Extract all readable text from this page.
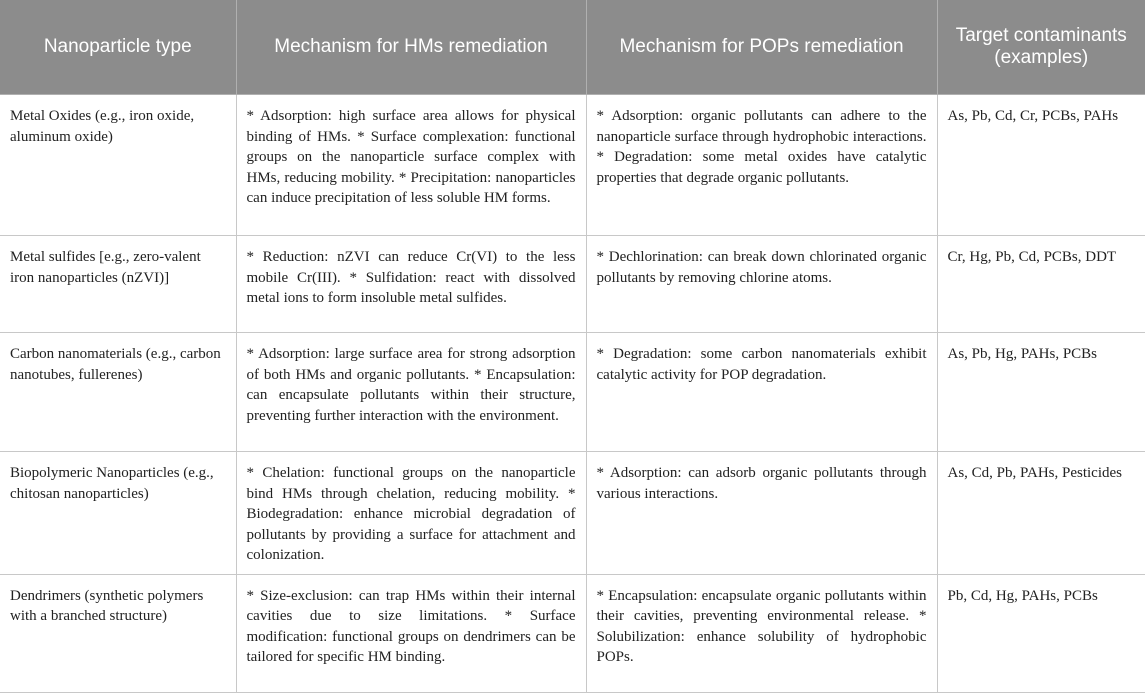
Nanoparticle type	Mechanism for HMs remediation	Mechanism for POPs remediation	Target contaminants (examples)
Metal Oxides (e.g., iron oxide, aluminum oxide)	* Adsorption: high surface area allows for physical binding of HMs. * Surface complexation: functional groups on the nanoparticle surface complex with HMs, reducing mobility. * Precipitation: nanoparticles can induce precipitation of less soluble HM forms.	* Adsorption: organic pollutants can adhere to the nanoparticle surface through hydrophobic interactions. * Degradation: some metal oxides have catalytic properties that degrade organic pollutants.	As, Pb, Cd, Cr, PCBs, PAHs
Metal sulfides [e.g., zero-valent iron nanoparticles (nZVI)]	* Reduction: nZVI can reduce Cr(VI) to the less mobile Cr(III). * Sulfidation: react with dissolved metal ions to form insoluble metal sulfides.	* Dechlorination: can break down chlorinated organic pollutants by removing chlorine atoms.	Cr, Hg, Pb, Cd, PCBs, DDT
Carbon nanomaterials (e.g., carbon nanotubes, fullerenes)	* Adsorption: large surface area for strong adsorption of both HMs and organic pollutants. * Encapsulation: can encapsulate pollutants within their structure, preventing further interaction with the environment.	* Degradation: some carbon nanomaterials exhibit catalytic activity for POP degradation.	As, Pb, Hg, PAHs, PCBs
Biopolymeric Nanoparticles (e.g., chitosan nanoparticles)	* Chelation: functional groups on the nanoparticle bind HMs through chelation, reducing mobility. * Biodegradation: enhance microbial degradation of pollutants by providing a surface for attachment and colonization.	* Adsorption: can adsorb organic pollutants through various interactions.	As, Cd, Pb, PAHs, Pesticides
Dendrimers (synthetic polymers with a branched structure)	* Size-exclusion: can trap HMs within their internal cavities due to size limitations. * Surface modification: functional groups on dendrimers can be tailored for specific HM binding.	* Encapsulation: encapsulate organic pollutants within their cavities, preventing environmental release. * Solubilization: enhance solubility of hydrophobic POPs.	Pb, Cd, Hg, PAHs, PCBs
